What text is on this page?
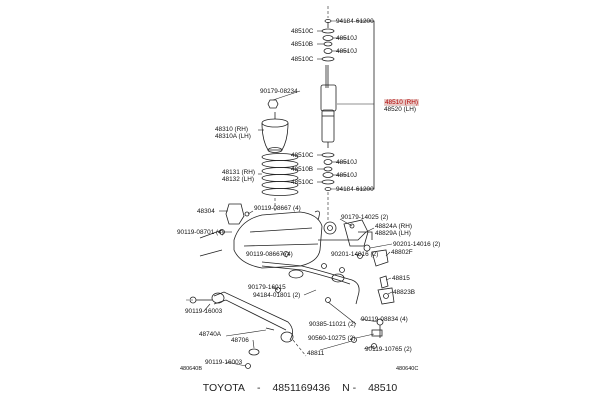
94184-61200
48510C
48510J
48510B
48510J
48510C
90179-08234
48510 (RH)
48520 (LH)
48310 (RH)
48310A (LH)
48510C
48510J
48510B
48510J
48510C
94184-61200
48131 (RH)
48132 (LH)
48304	90119-08667 (4)
90179-14025 (2)
48824A (RH)
48829A (LH)
90119-08701 (4)
90201-14016 (2)
48802F
90119-08667 (4)	90201-14016 (2)
48815
90179-16015
94184-01801 (2)	48823B
90119-16003
90119-08834 (4)
90385-11021 (2)
48740A
90560-10275 (2)
48706
90119-10765 (2)
48811
90119-16003
480640B	480640C
TOYOTA - 4851169436 N - 48510
